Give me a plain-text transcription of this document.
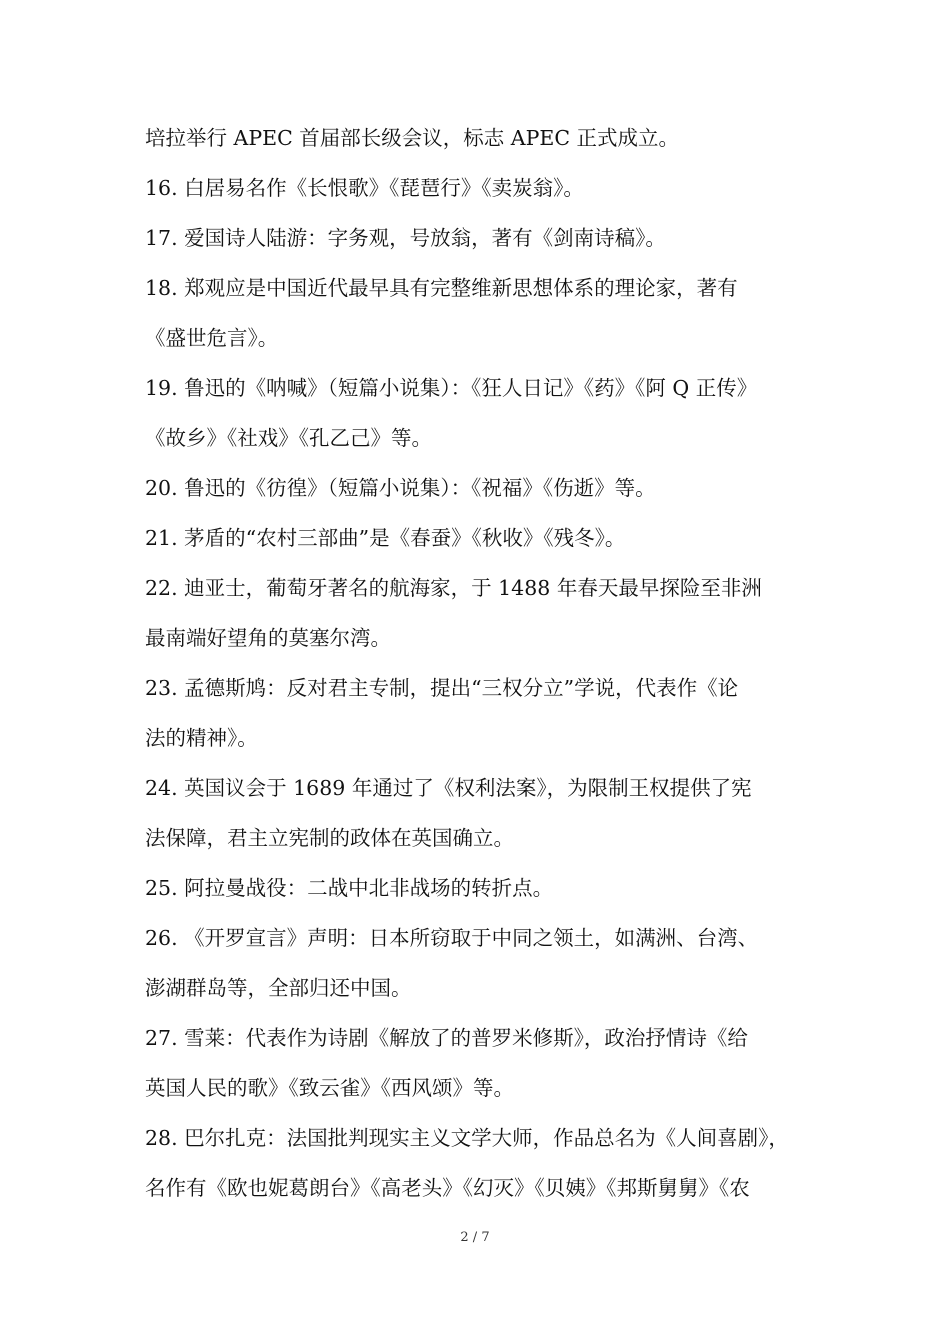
培拉举行 APEC 首届部长级会议，标志 APEC 正式成立。
16. 白居易名作《长恨歌》《琵琶行》《卖炭翁》。
17. 爱国诗人陆游：字务观，号放翁，著有《剑南诗稿》。
18. 郑观应是中国近代最早具有完整维新思想体系的理论家，著有
《盛世危言》。
19. 鲁迅的《呐喊》（短篇小说集）：《狂人日记》《药》《阿 Q 正传》
《故乡》《社戏》《孔乙己》等。
20. 鲁迅的《彷徨》（短篇小说集）：《祝福》《伤逝》等。
21. 茅盾的“农村三部曲”是《春蚕》《秋收》《残冬》。
22. 迪亚士，葡萄牙著名的航海家，于 1488 年春天最早探险至非洲
最南端好望角的莫塞尔湾。
23. 孟德斯鸠：反对君主专制，提出“三权分立”学说，代表作《论
法的精神》。
24. 英国议会于 1689 年通过了《权利法案》，为限制王权提供了宪
法保障，君主立宪制的政体在英国确立。
25. 阿拉曼战役：二战中北非战场的转折点。
26. 《开罗宣言》声明：日本所窃取于中同之领土，如满洲、台湾、
澎湖群岛等，全部归还中国。
27. 雪莱：代表作为诗剧《解放了的普罗米修斯》，政治抒情诗《给
英国人民的歌》《致云雀》《西风颂》等。
28. 巴尔扎克：法国批判现实主义文学大师，作品总名为《人间喜剧》，
名作有《欧也妮葛朗台》《高老头》《幻灭》《贝姨》《邦斯舅舅》《农
2 / 7
